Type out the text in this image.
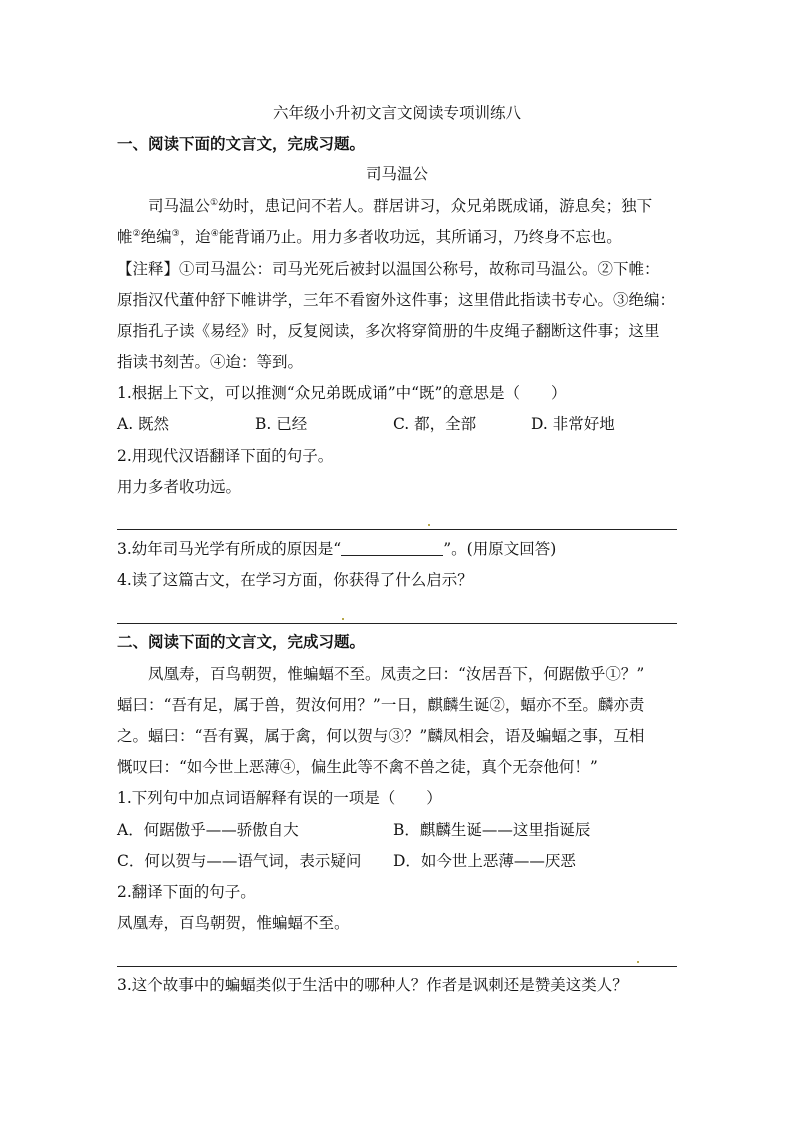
六年级小升初文言文阅读专项训练八
一、阅读下面的文言文，完成习题。
司马温公
司马温公①幼时，患记问不若人。群居讲习，众兄弟既成诵，游息矣；独下
帷②绝编③，迨④能背诵乃止。用力多者收功远，其所诵习，乃终身不忘也。
【注释】①司马温公：司马光死后被封以温国公称号，故称司马温公。②下帷：
原指汉代董仲舒下帷讲学，三年不看窗外这件事；这里借此指读书专心。③绝编：
原指孔子读《易经》时，反复阅读，多次将穿简册的牛皮绳子翻断这件事；这里
指读书刻苦。④迨：等到。
1.根据上下文，可以推测“众兄弟既成诵”中“既”的意思是（　　）
A. 既然	B. 已经	C. 都，全部	D. 非常好地
2.用现代汉语翻译下面的句子。
用力多者收功远。
3.幼年司马光学有所成的原因是“	”。(用原文回答)
4.读了这篇古文，在学习方面，你获得了什么启示？
二、阅读下面的文言文，完成习题。
凤凰寿，百鸟朝贺，惟蝙蝠不至。凤责之曰：“汝居吾下，何踞傲乎①？”
蝠曰：“吾有足，属于兽，贺汝何用？”一日，麒麟生诞②，蝠亦不至。麟亦责
之。蝠曰：“吾有翼，属于禽，何以贺与③？”麟凤相会，语及蝙蝠之事，互相
慨叹曰：“如今世上恶薄④，偏生此等不禽不兽之徒，真个无奈他何！”
1.下列句中加点词语解释有误的一项是（　　）
A．何踞傲乎——骄傲自大	B．麒麟生诞——这里指诞辰
C．何以贺与——语气词，表示疑问 D．如今世上恶薄——厌恶
2.翻译下面的句子。
凤凰寿，百鸟朝贺，惟蝙蝠不至。
3.这个故事中的蝙蝠类似于生活中的哪种人？作者是讽刺还是赞美这类人？
